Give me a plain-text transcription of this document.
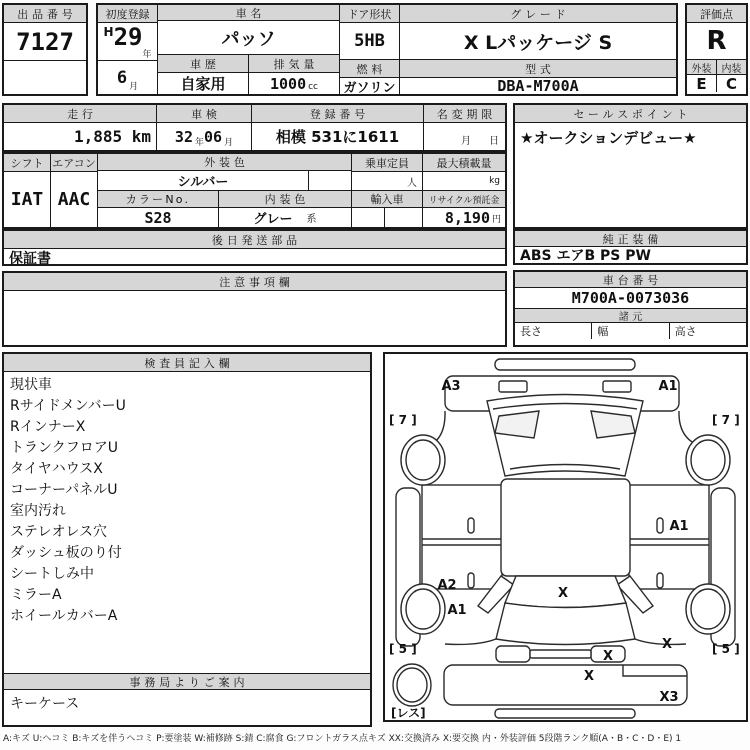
出品番号
7127
初度登録
H 29
年
6 月
車名
パッソ
車歴
自家用
排気量
1000 cc
ドア形状
5HB
燃料
ガソリン
グレード
X Lパッケージ S
型式
DBA-M700A
評価点
R
外装	内装
E	C
走行
1,885 km
車検
32 年 06 月
登録番号
相模 531に1611
名変期限
月 日
セールスポイント
★オークションデビュー★
シフト
IAT
エアコン
AAC
外装色
シルバー
カラーNo.	内装色
S28	グレー 系
乗車定員
人
輸入車
最大積載量
kg
リサイクル預託金
8,190 円
後日発送部品
保証書
注意事項欄
純正装備
ABS エアB PS PW
車台番号
M700A-0073036
諸元
長さ	幅	高さ
検査員記入欄
現状車
RサイドメンバーU
RインナーX
トランクフロアU
タイヤハウスX
コーナーパネルU
室内汚れ
ステレオレス穴
ダッシュ板のり付
シートしみ中
ミラーA
ホイールカバーA
事務局よりご案内
キーケース
A3	A1
[ 7 ]	[ 7 ]
A1
A2
A1
X
X
X
X
X3
[ 5 ]	[ 5 ]
[レス]
A:キズ U:ヘコミ B:キズを伴うヘコミ P:要塗装 W:補修跡 S:錆 C:腐食 G:フロントガラス点キズ XX:交換済み X:要交換 内・外装評価 5段階ランク順(A・B・C・D・E) 1
